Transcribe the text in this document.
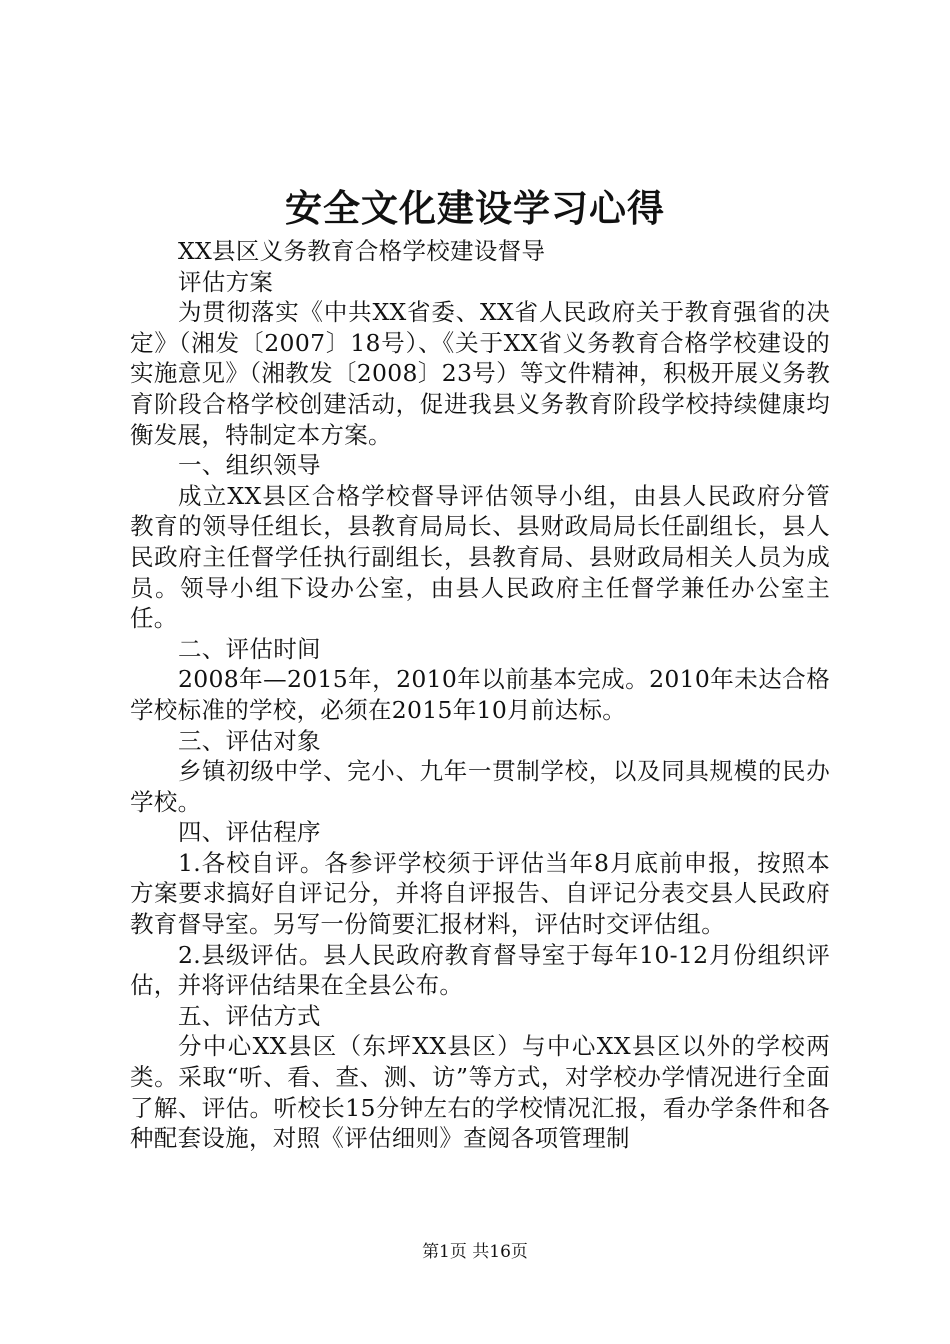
安全文化建设学习心得

XX县区义务教育合格学校建设督导

评估方案

为贯彻落实《中共XX省委、XX省人民政府关于教育强省的决定》（湘发〔2007〕18号）、《关于XX省义务教育合格学校建设的实施意见》（湘教发〔2008〕23号）等文件精神，积极开展义务教育阶段合格学校创建活动，促进我县义务教育阶段学校持续健康均衡发展，特制定本方案。

一、组织领导

成立XX县区合格学校督导评估领导小组，由县人民政府分管教育的领导任组长，县教育局局长、县财政局局长任副组长，县人民政府主任督学任执行副组长，县教育局、县财政局相关人员为成员。领导小组下设办公室，由县人民政府主任督学兼任办公室主任。

二、评估时间

2008年—2015年，2010年以前基本完成。2010年未达合格学校标准的学校，必须在2015年10月前达标。

三、评估对象

乡镇初级中学、完小、九年一贯制学校，以及同具规模的民办学校。

四、评估程序

1.各校自评。各参评学校须于评估当年8月底前申报，按照本方案要求搞好自评记分，并将自评报告、自评记分表交县人民政府教育督导室。另写一份简要汇报材料，评估时交评估组。

2.县级评估。县人民政府教育督导室于每年10-12月份组织评估，并将评估结果在全县公布。

五、评估方式

分中心XX县区（东坪XX县区）与中心XX县区以外的学校两类。采取“听、看、查、测、访”等方式，对学校办学情况进行全面了解、评估。听校长15分钟左右的学校情况汇报，看办学条件和各种配套设施，对照《评估细则》查阅各项管理制

第1页 共16页
